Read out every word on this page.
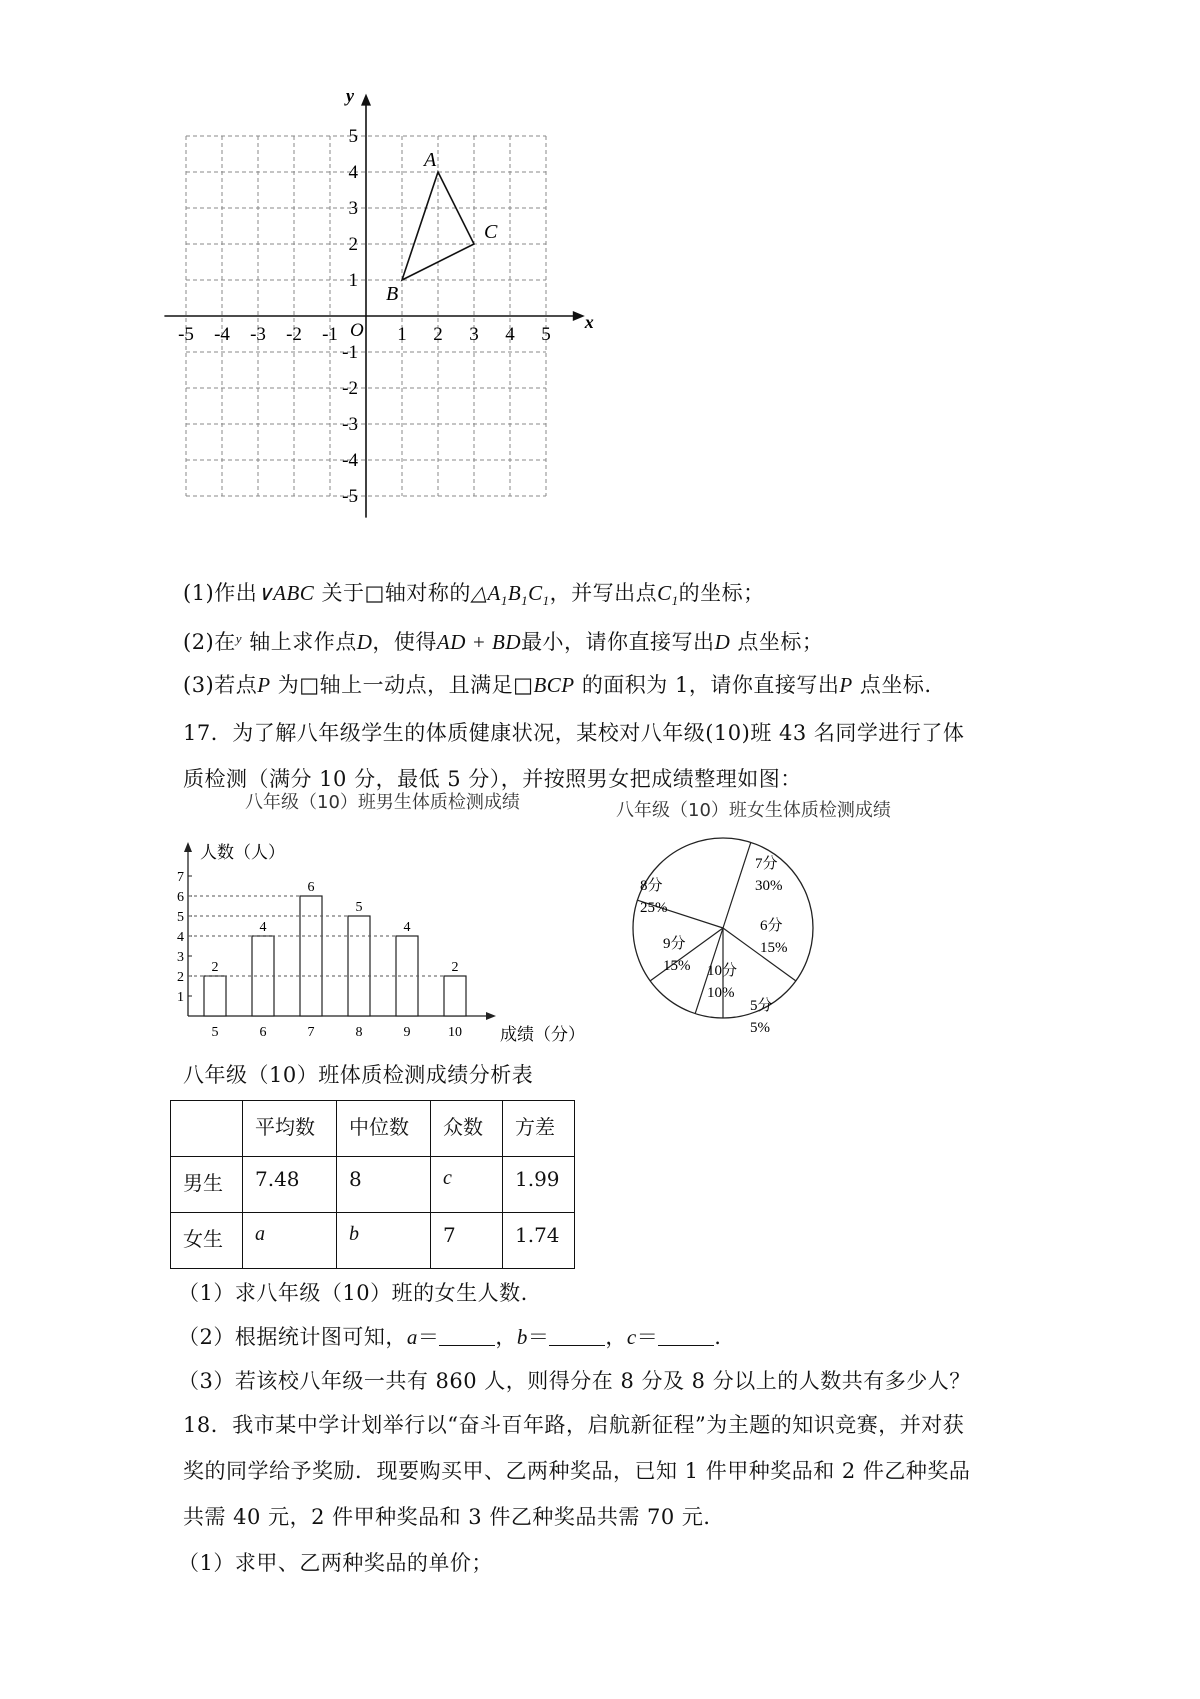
x
y
O
-5 -4 -3 -2 -1	1 2 3 4 5
5
4
3
2
1
-1
-2
-3
-4
-5
A
B
C
(1)作出∨ABC 关于□轴对称的$\triangle A_1B_1C_1$，并写出点$C_1$的坐标；
(2)在$^y$ 轴上求作点D，使得AD + BD最小，请你直接写出D 点坐标；
(3)若点P 为□轴上一动点，且满足□BCP 的面积为 1，请你直接写出P 点坐标.
17．为了解八年级学生的体质健康状况，某校对八年级(10)班 43 名同学进行了体
质检测（满分 10 分，最低 5 分），并按照男女把成绩整理如图：
八年级（10）班男生体质检测成绩	八年级（10）班女生体质检测成绩
1
2
3
4
5
6
7
人数（人）
成绩（分）
2
5
4
6
6
7
5
8
4
9
2
10
7分
30%
6分
15%
5分
5%
10分
10%
9分
15%
8分
25%
八年级（10）班体质检测成绩分析表
	平均数	中位数	众数	方差
男生	7.48	8	c	1.99
女生	a	b	7	1.74
（1）求八年级（10）班的女生人数.
（2）根据统计图可知，a＝	，b＝	，c＝	.
（3）若该校八年级一共有 860 人，则得分在 8 分及 8 分以上的人数共有多少人？
18．我市某中学计划举行以“奋斗百年路，启航新征程”为主题的知识竞赛，并对获
奖的同学给予奖励．现要购买甲、乙两种奖品，已知 1 件甲种奖品和 2 件乙种奖品
共需 40 元，2 件甲种奖品和 3 件乙种奖品共需 70 元．
（1）求甲、乙两种奖品的单价；
